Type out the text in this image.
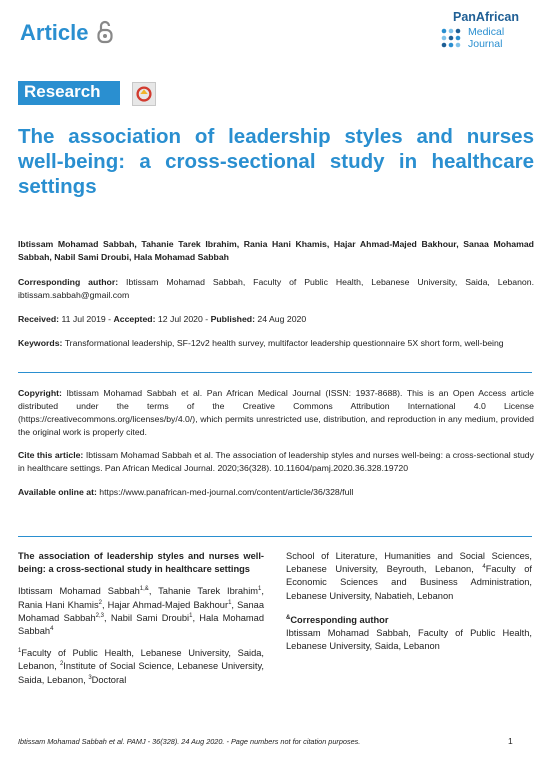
Article
PanAfrican
Medical
Journal
Research
The association of leadership styles and nurses well-being: a cross-sectional study in healthcare settings
Ibtissam Mohamad Sabbah, Tahanie Tarek Ibrahim, Rania Hani Khamis, Hajar Ahmad-Majed Bakhour, Sanaa Mohamad Sabbah, Nabil Sami Droubi, Hala Mohamad Sabbah

Corresponding author: Ibtissam Mohamad Sabbah, Faculty of Public Health, Lebanese University, Saida, Lebanon. ibtissam.sabbah@gmail.com

Received: 11 Jul 2019 - Accepted: 12 Jul 2020 - Published: 24 Aug 2020

Keywords: Transformational leadership, SF-12v2 health survey, multifactor leadership questionnaire 5X short form, well-being

Copyright: Ibtissam Mohamad Sabbah et al. Pan African Medical Journal (ISSN: 1937-8688). This is an Open Access article distributed under the terms of the Creative Commons Attribution International 4.0 License (https://creativecommons.org/licenses/by/4.0/), which permits unrestricted use, distribution, and reproduction in any medium, provided the original work is properly cited.

Cite this article: Ibtissam Mohamad Sabbah et al. The association of leadership styles and nurses well-being: a cross-sectional study in healthcare settings. Pan African Medical Journal. 2020;36(328). 10.11604/pamj.2020.36.328.19720

Available online at: https://www.panafrican-med-journal.com/content/article/36/328/full

The association of leadership styles and nurses well-being: a cross-sectional study in healthcare settings

Ibtissam Mohamad Sabbah$^{1,\&}$, Tahanie Tarek Ibrahim$^1$, Rania Hani Khamis$^2$, Hajar Ahmad-Majed Bakhour$^1$, Sanaa Mohamad Sabbah$^{2,3}$, Nabil Sami Droubi$^1$, Hala Mohamad Sabbah$^4$

$^1$Faculty of Public Health, Lebanese University, Saida, Lebanon, $^2$Institute of Social Science, Lebanese University, Saida, Lebanon, $^3$Doctoral

School of Literature, Humanities and Social Sciences, Lebanese University, Beyrouth, Lebanon, $^4$Faculty of Economic Sciences and Business Administration, Lebanese University, Nabatieh, Lebanon

&Corresponding author

Ibtissam Mohamad Sabbah, Faculty of Public Health, Lebanese University, Saida, Lebanon

Ibtissam Mohamad Sabbah et al. PAMJ - 36(328). 24 Aug 2020. - Page numbers not for citation purposes.	1
